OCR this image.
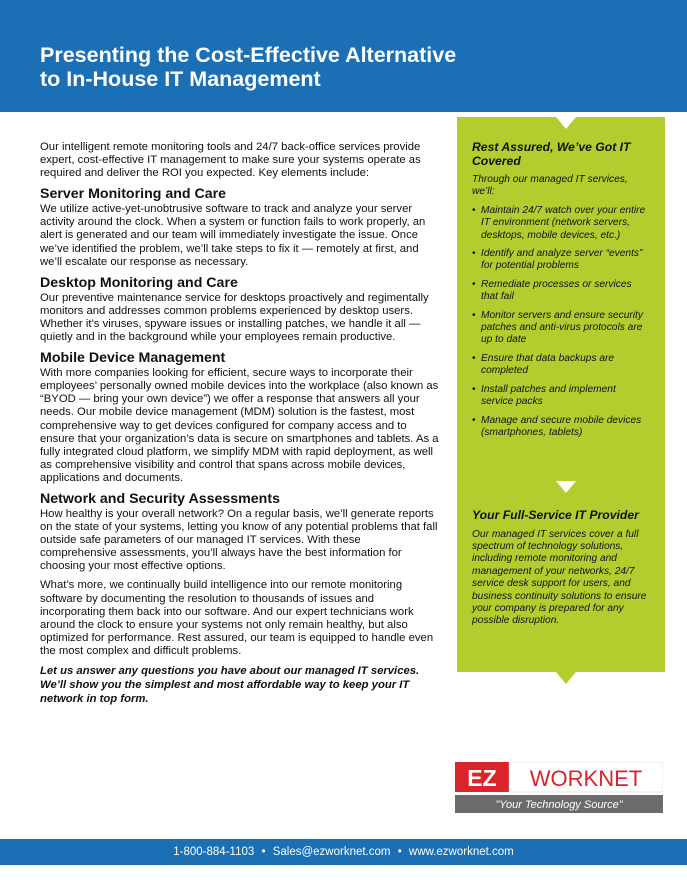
Presenting the Cost-Effective Alternative
to In-House IT Management

Our intelligent remote monitoring tools and 24/7 back-office services provide expert, cost-effective IT management to make sure your systems operate as required and deliver the ROI you expected. Key elements include:

Server Monitoring and Care

We utilize active-yet-unobtrusive software to track and analyze your server activity around the clock. When a system or function fails to work properly, an alert is generated and our team will immediately investigate the issue. Once we’ve identified the problem, we’ll take steps to fix it — remotely at first, and we’ll escalate our response as necessary.

Desktop Monitoring and Care

Our preventive maintenance service for desktops proactively and regimentally monitors and addresses common problems experienced by desktop users. Whether it’s viruses, spyware issues or installing patches, we handle it all — quietly and in the background while your employees remain productive.

Mobile Device Management

With more companies looking for efficient, secure ways to incorporate their employees’ personally owned mobile devices into the workplace (also known as “BYOD — bring your own device”) we offer a response that answers all your needs. Our mobile device management (MDM) solution is the fastest, most comprehensive way to get devices configured for company access and to ensure that your organization’s data is secure on smartphones and tablets. As a fully integrated cloud platform, we simplify MDM with rapid deployment, as well as comprehensive visibility and control that spans across mobile devices, applications and documents.

Network and Security Assessments

How healthy is your overall network? On a regular basis, we’ll generate reports on the state of your systems, letting you know of any potential problems that fall outside safe parameters of our managed IT services. With these comprehensive assessments, you’ll always have the best information for choosing your most effective options.

What’s more, we continually build intelligence into our remote monitoring software by documenting the resolution to thousands of issues and incorporating them back into our software. And our expert technicians work around the clock to ensure your systems not only remain healthy, but also optimized for performance. Rest assured, our team is equipped to handle even the most complex and difficult problems.

Let us answer any questions you have about our managed IT services. We’ll show you the simplest and most affordable way to keep your IT network in top form.

Rest Assured, We’ve Got IT Covered

Through our managed IT services, we’ll:

• Maintain 24/7 watch over your entire IT environment (network servers, desktops, mobile devices, etc.)
• Identify and analyze server “events” for potential problems
• Remediate processes or services that fail
• Monitor servers and ensure security patches and anti-virus protocols are up to date
• Ensure that data backups are completed
• Install patches and implement service packs
• Manage and secure mobile devices (smartphones, tablets)

Your Full-Service IT Provider

Our managed IT services cover a full spectrum of technology solutions, including remote monitoring and management of your networks, 24/7 service desk support for users, and business continuity solutions to ensure your company is prepared for any possible disruption.

EZ WORKNET
"Your Technology Source"
1-800-884-1103 • Sales@ezworknet.com • www.ezworknet.com
